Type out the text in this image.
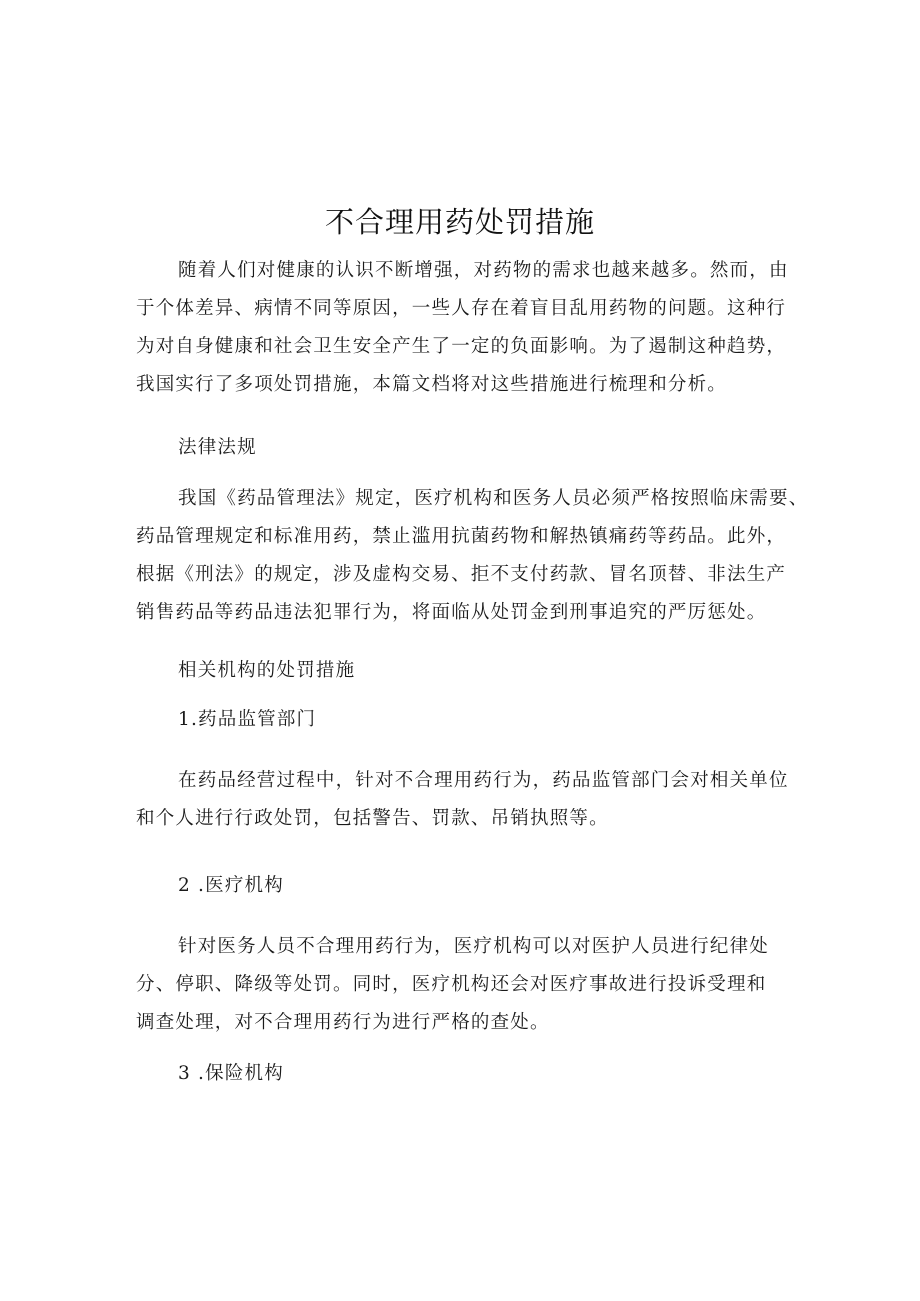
不合理用药处罚措施

随着人们对健康的认识不断增强，对药物的需求也越来越多。然而，由
于个体差异、病情不同等原因，一些人存在着盲目乱用药物的问题。这种行
为对自身健康和社会卫生安全产生了一定的负面影响。为了遏制这种趋势，
我国实行了多项处罚措施，本篇文档将对这些措施进行梳理和分析。

法律法规

我国《药品管理法》规定，医疗机构和医务人员必须严格按照临床需要、
药品管理规定和标准用药，禁止滥用抗菌药物和解热镇痛药等药品。此外，
根据《刑法》的规定，涉及虚构交易、拒不支付药款、冒名顶替、非法生产
销售药品等药品违法犯罪行为，将面临从处罚金到刑事追究的严厉惩处。

相关机构的处罚措施
1.药品监管部门

在药品经营过程中，针对不合理用药行为，药品监管部门会对相关单位
和个人进行行政处罚，包括警告、罚款、吊销执照等。

2 .医疗机构

针对医务人员不合理用药行为，医疗机构可以对医护人员进行纪律处
分、停职、降级等处罚。同时，医疗机构还会对医疗事故进行投诉受理和
调查处理，对不合理用药行为进行严格的查处。

3 .保险机构
